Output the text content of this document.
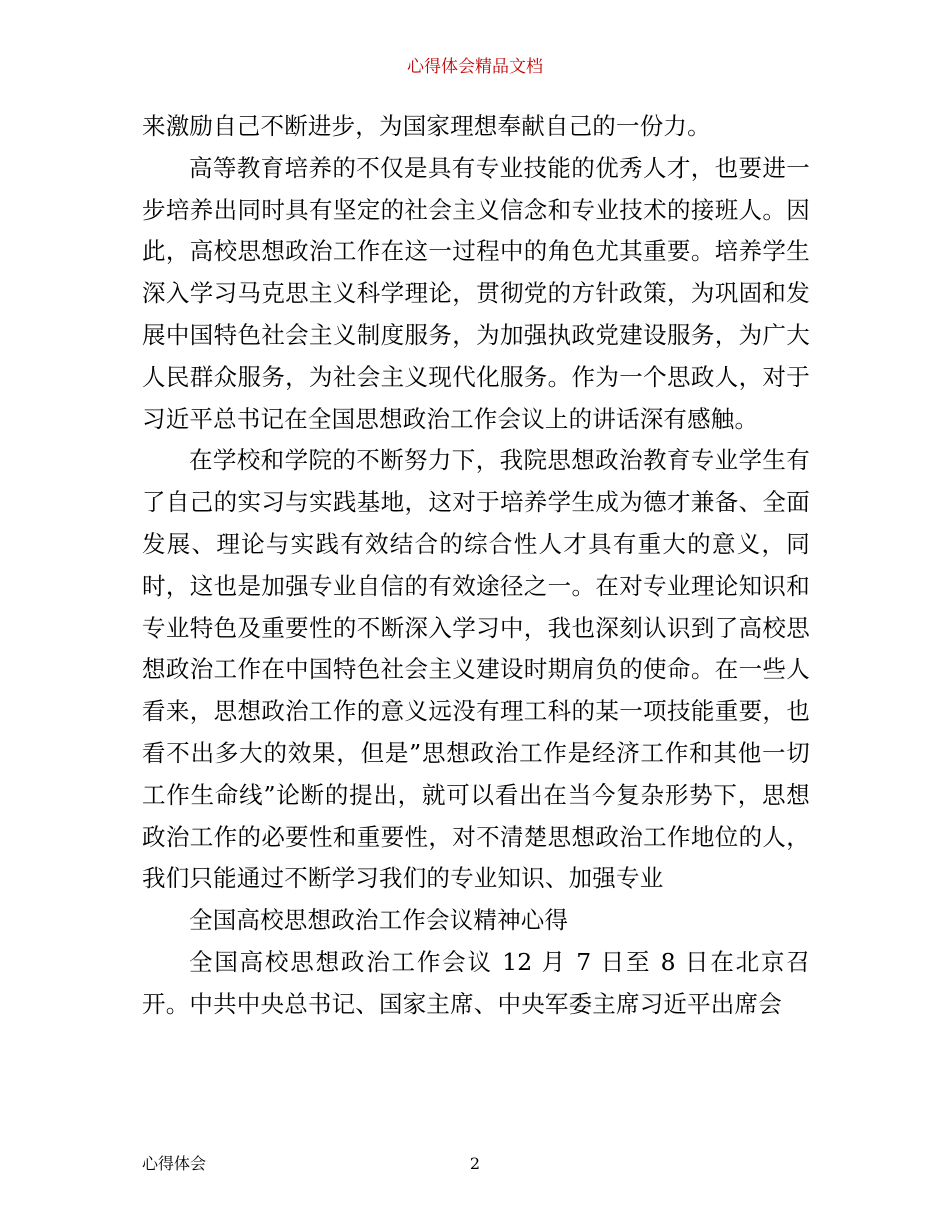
心得体会精品文档

来激励自己不断进步，为国家理想奉献自己的一份力。

高等教育培养的不仅是具有专业技能的优秀人才，也要进一步培养出同时具有坚定的社会主义信念和专业技术的接班人。因此，高校思想政治工作在这一过程中的角色尤其重要。培养学生深入学习马克思主义科学理论，贯彻党的方针政策，为巩固和发展中国特色社会主义制度服务，为加强执政党建设服务，为广大人民群众服务，为社会主义现代化服务。作为一个思政人，对于习近平总书记在全国思想政治工作会议上的讲话深有感触。

在学校和学院的不断努力下，我院思想政治教育专业学生有了自己的实习与实践基地，这对于培养学生成为德才兼备、全面发展、理论与实践有效结合的综合性人才具有重大的意义，同时，这也是加强专业自信的有效途径之一。在对专业理论知识和专业特色及重要性的不断深入学习中，我也深刻认识到了高校思想政治工作在中国特色社会主义建设时期肩负的使命。在一些人看来，思想政治工作的意义远没有理工科的某一项技能重要，也看不出多大的效果，但是”思想政治工作是经济工作和其他一切工作生命线”论断的提出，就可以看出在当今复杂形势下，思想政治工作的必要性和重要性，对不清楚思想政治工作地位的人，我们只能通过不断学习我们的专业知识、加强专业

全国高校思想政治工作会议精神心得

全国高校思想政治工作会议 12 月 7 日至 8 日在北京召开。中共中央总书记、国家主席、中央军委主席习近平出席会

心得体会	2
